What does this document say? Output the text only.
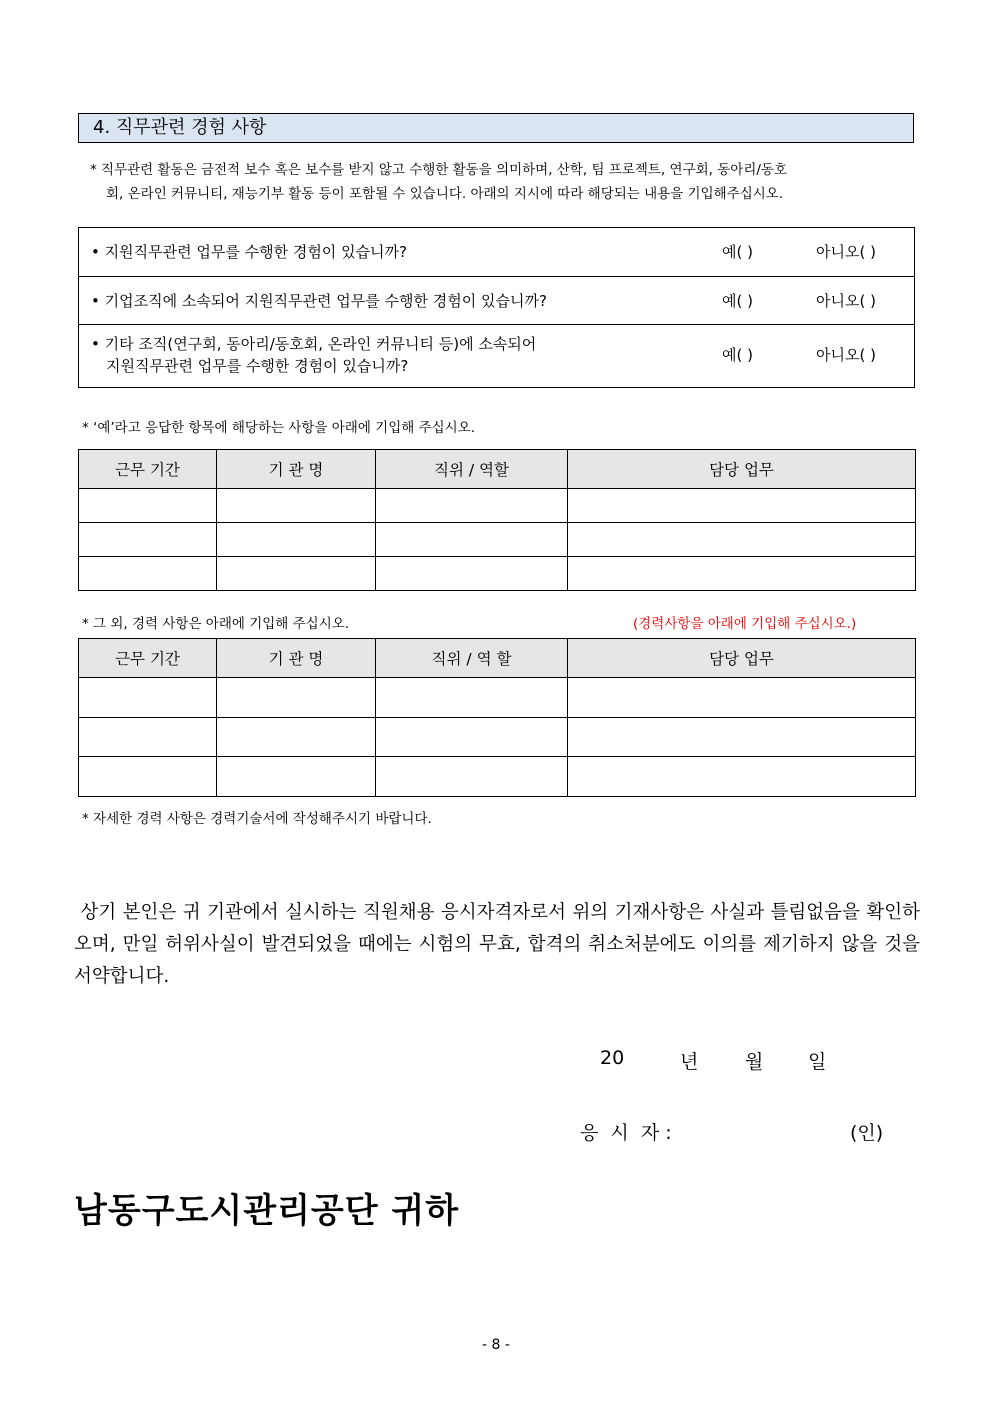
4. 직무관련 경험 사항
* 직무관련 활동은 금전적 보수 혹은 보수를 받지 않고 수행한 활동을 의미하며, 산학, 팀 프로젝트, 연구회, 동아리/동호
회, 온라인 커뮤니티, 재능기부 활동 등이 포함될 수 있습니다. 아래의 지시에 따라 해당되는 내용을 기입해주십시오.
• 지원직무관련 업무를 수행한 경험이 있습니까?	예( )	아니오( )
• 기업조직에 소속되어 지원직무관련 업무를 수행한 경험이 있습니까?	예( )	아니오( )
• 기타 조직(연구회, 동아리/동호회, 온라인 커뮤니티 등)에 소속되어
지원직무관련 업무를 수행한 경험이 있습니까?
예( )	아니오( )
* ‘예’라고 응답한 항목에 해당하는 사항을 아래에 기입해 주십시오.
근무 기간	기 관 명	직위 / 역할	담당 업무

* 그 외, 경력 사항은 아래에 기입해 주십시오.	(경력사항을 아래에 기입해 주십시오.)
근무 기간	기 관 명	직위 / 역 할	담당 업무

* 자세한 경력 사항은 경력기술서에 작성해주시기 바랍니다.
상기 본인은 귀 기관에서 실시하는 직원채용 응시자격자로서 위의 기재사항은 사실과 틀림없음을 확인하오며, 만일 허위사실이 발견되었을 때에는 시험의 무효, 합격의 취소처분에도 이의를 제기하지 않을 것을 서약합니다.
20	년 월 일
응  시  자 :	(인)
남동구도시관리공단 귀하
- 8 -
